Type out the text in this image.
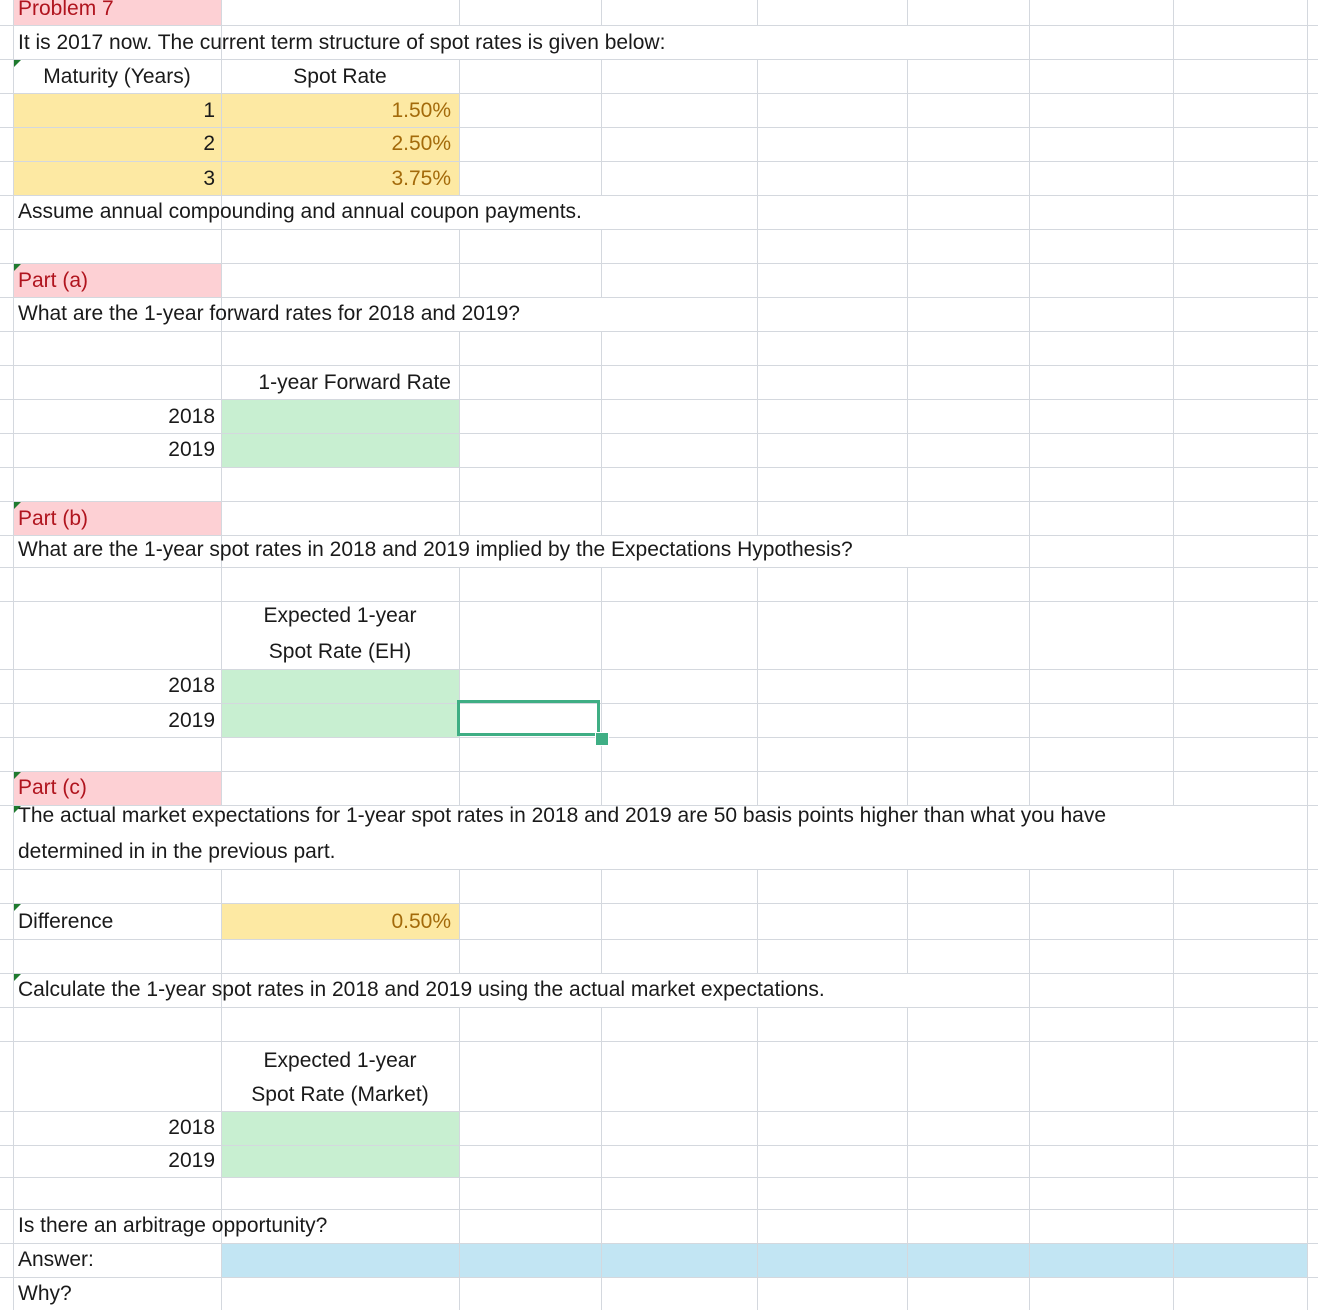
Problem 7
It is 2017 now. The current term structure of spot rates is given below:
Maturity (Years)	Spot Rate
1	1.50%
2	2.50%
3	3.75%
Assume annual compounding and annual coupon payments.
Part (a)
What are the 1-year forward rates for 2018 and 2019?
1-year Forward Rate
2018
2019
Part (b)
What are the 1-year spot rates in 2018 and 2019 implied by the Expectations Hypothesis?
Expected 1-year
Spot Rate (EH)
2018
2019
Part (c)
The actual market expectations for 1-year spot rates in 2018 and 2019 are 50 basis points higher than what you have
determined in in the previous part.
Difference	0.50%
Calculate the 1-year spot rates in 2018 and 2019 using the actual market expectations.
Expected 1-year
Spot Rate (Market)
2018
2019
Is there an arbitrage opportunity?
Answer:
Why?
